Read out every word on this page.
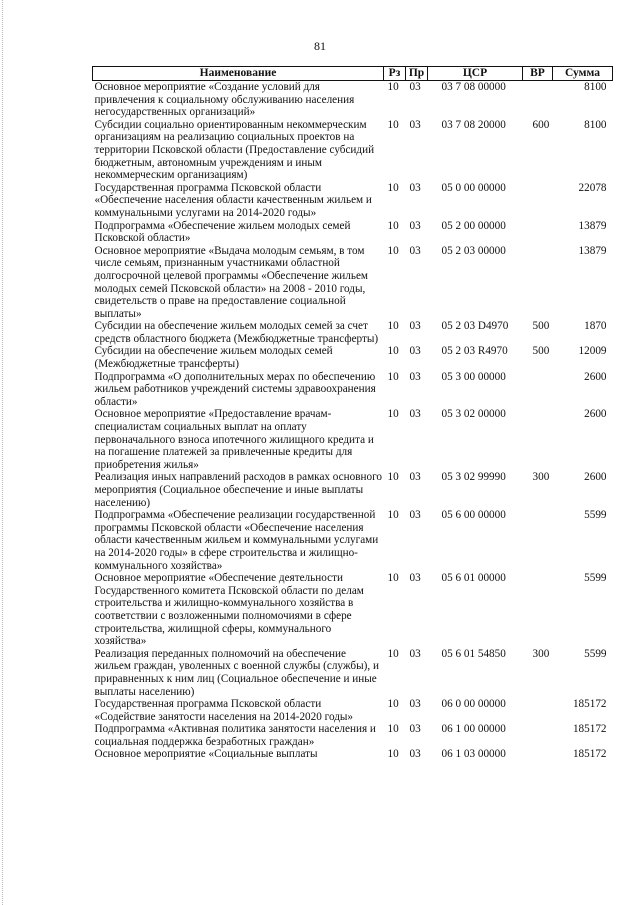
81
Наименование	Рз	Пр	ЦСР	ВР	Сумма
Основное мероприятие «Создание условий для привлечения к социальному обслуживанию населения негосударственных организаций»	10	03	03 7 08 00000		8100
Субсидии социально ориентированным некоммерческим организациям на реализацию социальных проектов на территории Псковской области (Предоставление субсидий бюджетным, автономным учреждениям и иным некоммерческим организациям)	10	03	03 7 08 20000	600	8100
Государственная программа Псковской области «Обеспечение населения области качественным жильем и коммунальными услугами на 2014-2020 годы»	10	03	05 0 00 00000		22078
Подпрограмма «Обеспечение жильем молодых семей Псковской области»	10	03	05 2 00 00000		13879
Основное мероприятие «Выдача молодым семьям, в том числе семьям, признанным участниками областной долгосрочной целевой программы «Обеспечение жильем молодых семей Псковской области» на 2008 - 2010 годы, свидетельств о праве на предоставление социальной выплаты»	10	03	05 2 03 00000		13879
Субсидии на обеспечение жильем молодых семей за счет средств областного бюджета (Межбюджетные трансферты)	10	03	05 2 03 D4970	500	1870
Субсидии на обеспечение жильем молодых семей (Межбюджетные трансферты)	10	03	05 2 03 R4970	500	12009
Подпрограмма «О дополнительных мерах по обеспечению жильем работников учреждений системы здравоохранения области»	10	03	05 3 00 00000		2600
Основное мероприятие «Предоставление врачам-специалистам социальных выплат на оплату первоначального взноса ипотечного жилищного кредита и на погашение платежей за привлеченные кредиты для приобретения жилья»	10	03	05 3 02 00000		2600
Реализация иных направлений расходов в рамках основного мероприятия (Социальное обеспечение и иные выплаты населению)	10	03	05 3 02 99990	300	2600
Подпрограмма «Обеспечение реализации государственной программы Псковской области «Обеспечение населения области качественным жильем и коммунальными услугами на 2014-2020 годы» в сфере строительства и жилищно-коммунального хозяйства»	10	03	05 6 00 00000		5599
Основное мероприятие «Обеспечение деятельности Государственного комитета Псковской области по делам строительства и жилищно-коммунального хозяйства в соответствии с возложенными полномочиями в сфере строительства, жилищной сферы, коммунального хозяйства»	10	03	05 6 01 00000		5599
Реализация переданных полномочий на обеспечение жильем граждан, уволенных с военной службы (службы), и приравненных к ним лиц (Социальное обеспечение и иные выплаты населению)	10	03	05 6 01 54850	300	5599
Государственная программа Псковской области «Содействие занятости населения на 2014-2020 годы»	10	03	06 0 00 00000		185172
Подпрограмма «Активная политика занятости населения и социальная поддержка безработных граждан»	10	03	06 1 00 00000		185172
Основное мероприятие «Социальные выплаты	10	03	06 1 03 00000		185172
